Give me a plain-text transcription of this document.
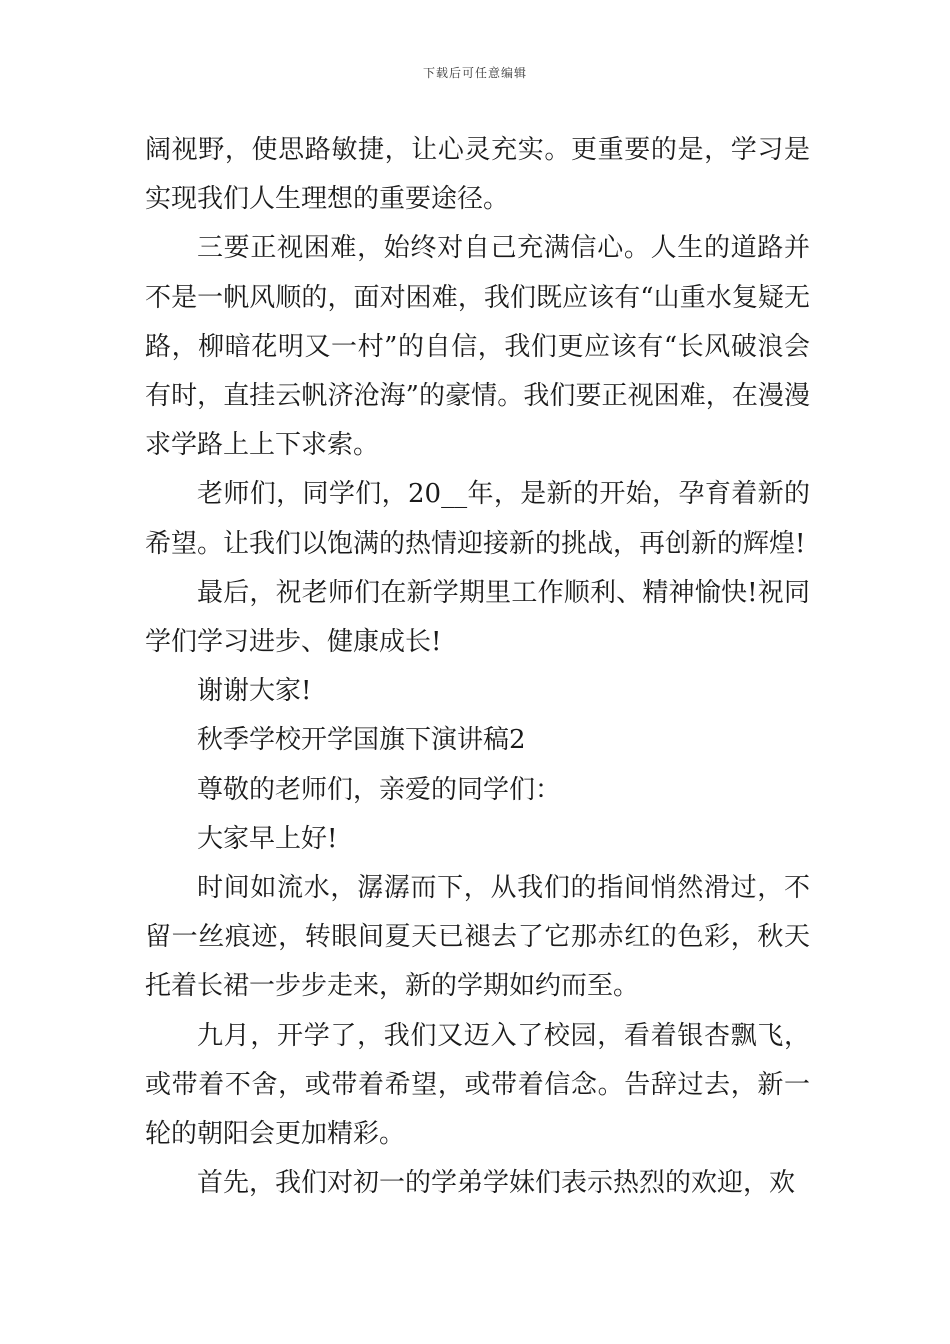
下载后可任意编辑

阔视野，使思路敏捷，让心灵充实。更重要的是，学习是实现我们人生理想的重要途径。

三要正视困难，始终对自己充满信心。人生的道路并不是一帆风顺的，面对困难，我们既应该有“山重水复疑无路，柳暗花明又一村”的自信，我们更应该有“长风破浪会有时，直挂云帆济沧海”的豪情。我们要正视困难，在漫漫求学路上上下求索。

老师们，同学们，20__年，是新的开始，孕育着新的希望。让我们以饱满的热情迎接新的挑战，再创新的辉煌!

最后，祝老师们在新学期里工作顺利、精神愉快!祝同学们学习进步、健康成长!

谢谢大家!

秋季学校开学国旗下演讲稿2

尊敬的老师们，亲爱的同学们：

大家早上好!

时间如流水，潺潺而下，从我们的指间悄然滑过，不留一丝痕迹，转眼间夏天已褪去了它那赤红的色彩，秋天托着长裙一步步走来，新的学期如约而至。

九月，开学了，我们又迈入了校园，看着银杏飘飞，或带着不舍，或带着希望，或带着信念。告辞过去，新一轮的朝阳会更加精彩。

首先，我们对初一的学弟学妹们表示热烈的欢迎，欢
